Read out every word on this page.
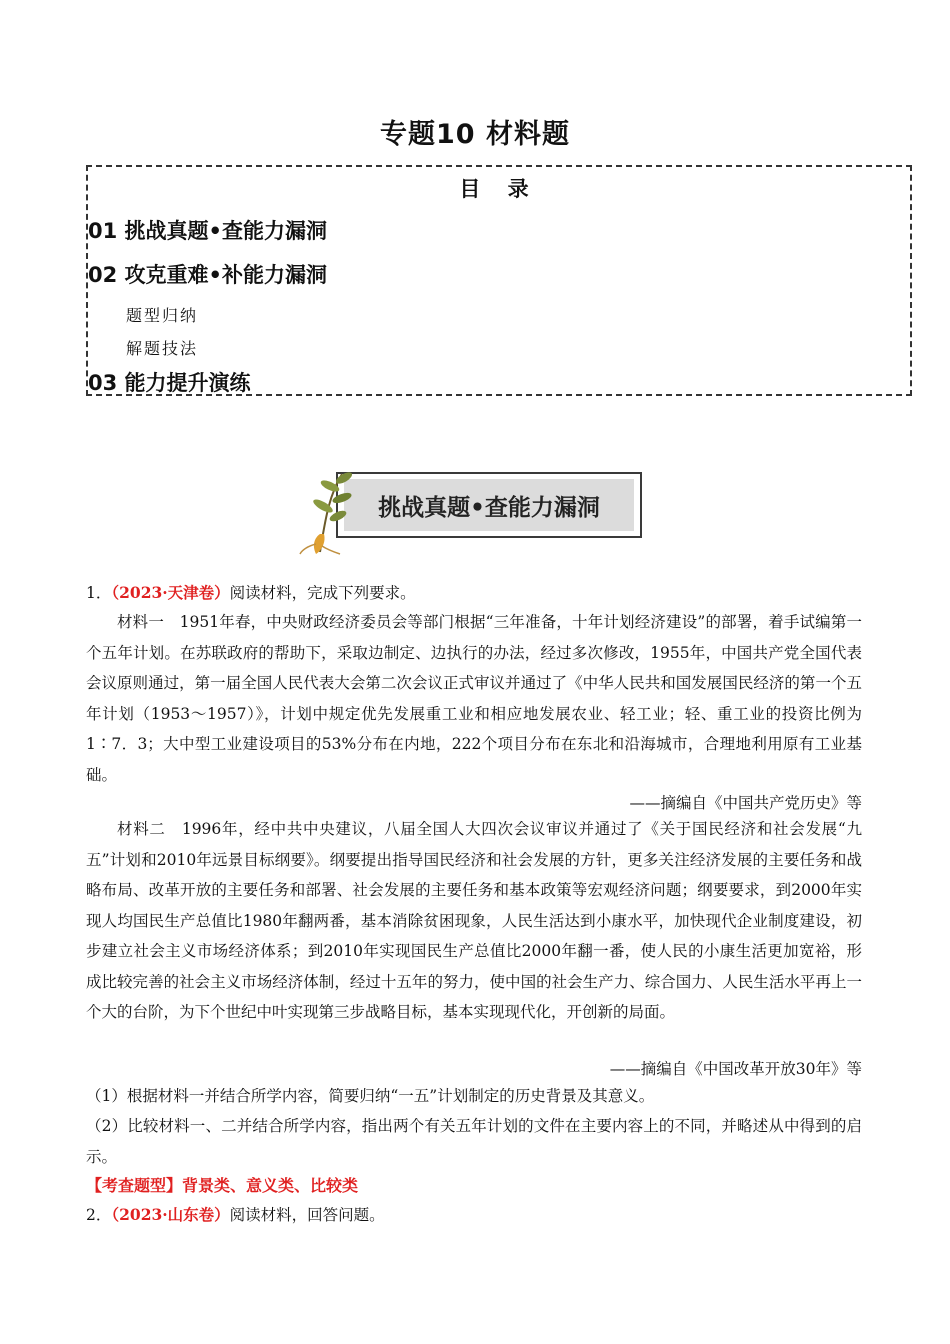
专题10 材料题
目 录
01 挑战真题•查能力漏洞
02 攻克重难•补能力漏洞
题型归纳
解题技法
03 能力提升演练
挑战真题•查能力漏洞
1．（2023·天津卷）阅读材料，完成下列要求。
材料一　1951年春，中央财政经济委员会等部门根据“三年准备，十年计划经济建设”的部署，着手试编第一个五年计划。在苏联政府的帮助下，采取边制定、边执行的办法，经过多次修改，1955年，中国共产党全国代表会议原则通过，第一届全国人民代表大会第二次会议正式审议并通过了《中华人民共和国发展国民经济的第一个五年计划（1953～1957）》，计划中规定优先发展重工业和相应地发展农业、轻工业；轻、重工业的投资比例为1∶7．3；大中型工业建设项目的53%分布在内地，222个项目分布在东北和沿海城市，合理地利用原有工业基础。
——摘编自《中国共产党历史》等
材料二　1996年，经中共中央建议，八届全国人大四次会议审议并通过了《关于国民经济和社会发展“九五”计划和2010年远景目标纲要》。纲要提出指导国民经济和社会发展的方针，更多关注经济发展的主要任务和战略布局、改革开放的主要任务和部署、社会发展的主要任务和基本政策等宏观经济问题；纲要要求，到2000年实现人均国民生产总值比1980年翻两番，基本消除贫困现象，人民生活达到小康水平，加快现代企业制度建设，初步建立社会主义市场经济体系；到2010年实现国民生产总值比2000年翻一番，使人民的小康生活更加宽裕，形成比较完善的社会主义市场经济体制，经过十五年的努力，使中国的社会生产力、综合国力、人民生活水平再上一个大的台阶，为下个世纪中叶实现第三步战略目标，基本实现现代化，开创新的局面。
——摘编自《中国改革开放30年》等
（1）根据材料一并结合所学内容，简要归纳“一五”计划制定的历史背景及其意义。
（2）比较材料一、二并结合所学内容，指出两个有关五年计划的文件在主要内容上的不同，并略述从中得到的启示。
【考查题型】背景类、意义类、比较类
2．（2023·山东卷）阅读材料，回答问题。
